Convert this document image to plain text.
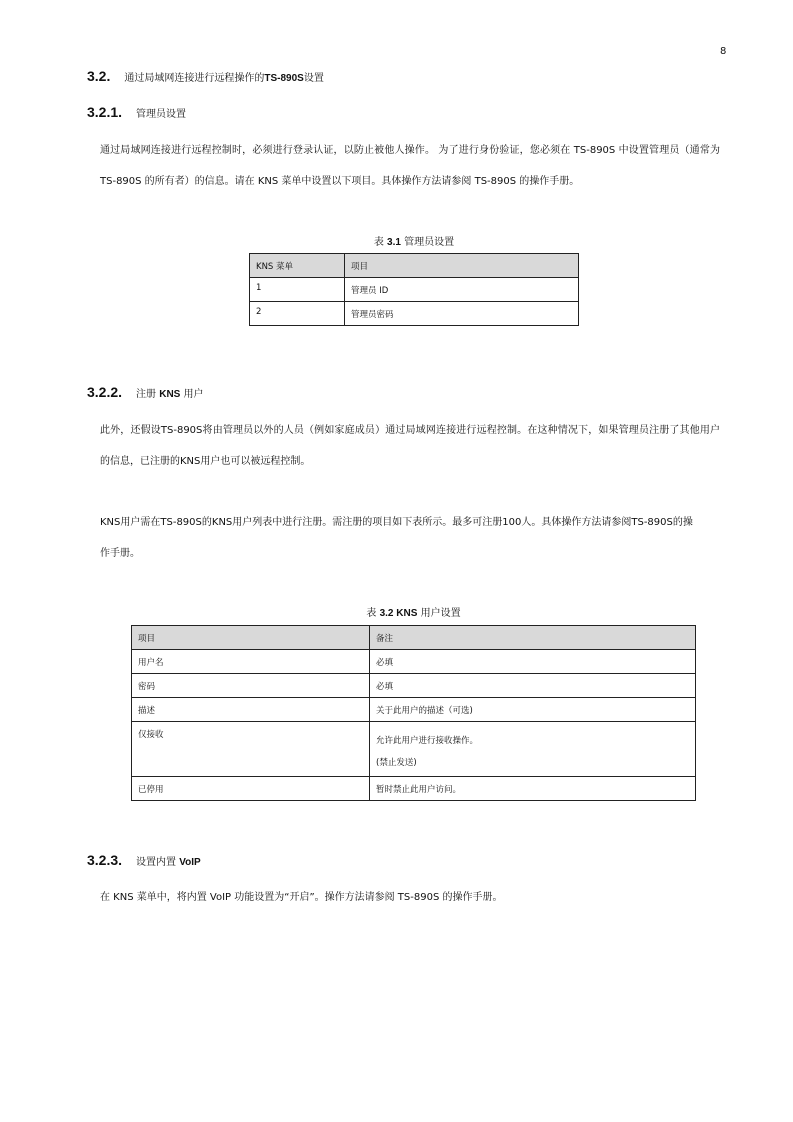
8
3.2. 通过局域网连接进行远程操作的TS-890S设置
3.2.1. 管理员设置

通过局域网连接进行远程控制时，必须进行登录认证，以防止被他人操作。 为了进行身份验证，您必须在 TS-890S 中设置管理员（通常为 TS-890S 的所有者）的信息。请在 KNS 菜单中设置以下项目。具体操作方法请参阅 TS-890S 的操作手册。

表 3.1 管理员设置
KNS 菜单	项目
1	管理员 ID
2	管理员密码
3.2.2. 注册 KNS 用户

此外，还假设TS-890S将由管理员以外的人员（例如家庭成员）通过局域网连接进行远程控制。在这种情况下，如果管理员注册了其他用户的信息，已注册的KNS用户也可以被远程控制。

KNS用户需在TS-890S的KNS用户列表中进行注册。需注册的项目如下表所示。最多可注册100人。具体操作方法请参阅TS-890S的操作手册。

表 3.2 KNS 用户设置
项目	备注
用户名	必填
密码	必填
描述	关于此用户的描述（可选)
仅接收	允许此用户进行接收操作。
(禁止发送)

已停用	暂时禁止此用户访问。
3.2.3. 设置内置 VoIP

在 KNS 菜单中，将内置 VoIP 功能设置为“开启”。操作方法请参阅 TS-890S 的操作手册。
